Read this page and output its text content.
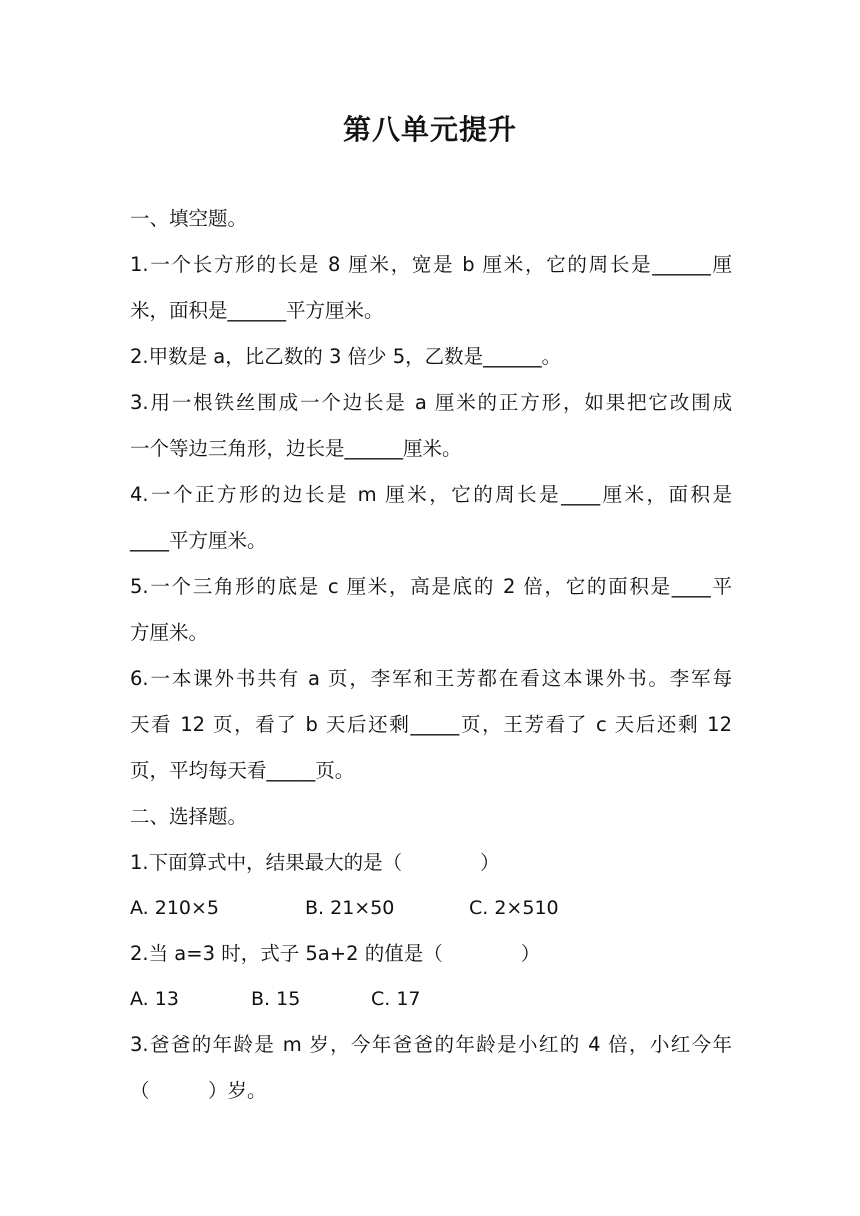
第八单元提升
一、填空题。
1.一个长方形的长是 8 厘米，宽是 b 厘米，它的周长是______厘
米，面积是______平方厘米。
2.甲数是 a，比乙数的 3 倍少 5，乙数是______。
3.用一根铁丝围成一个边长是 a 厘米的正方形，如果把它改围成
一个等边三角形，边长是______厘米。
4.一个正方形的边长是 m 厘米，它的周长是____厘米，面积是
____平方厘米。
5.一个三角形的底是 c 厘米，高是底的 2 倍，它的面积是____平
方厘米。
6.一本课外书共有 a 页，李军和王芳都在看这本课外书。李军每
天看 12 页，看了 b 天后还剩_____页，王芳看了 c 天后还剩 12
页，平均每天看_____页。
二、选择题。
1.下面算式中，结果最大的是（　　　　）
A. 210×5	B. 21×50	C. 2×510
2.当 a=3 时，式子 5a+2 的值是（　　　　）
A. 13	B. 15	C. 17
3.爸爸的年龄是 m 岁，今年爸爸的年龄是小红的 4 倍，小红今年
（　　　）岁。
